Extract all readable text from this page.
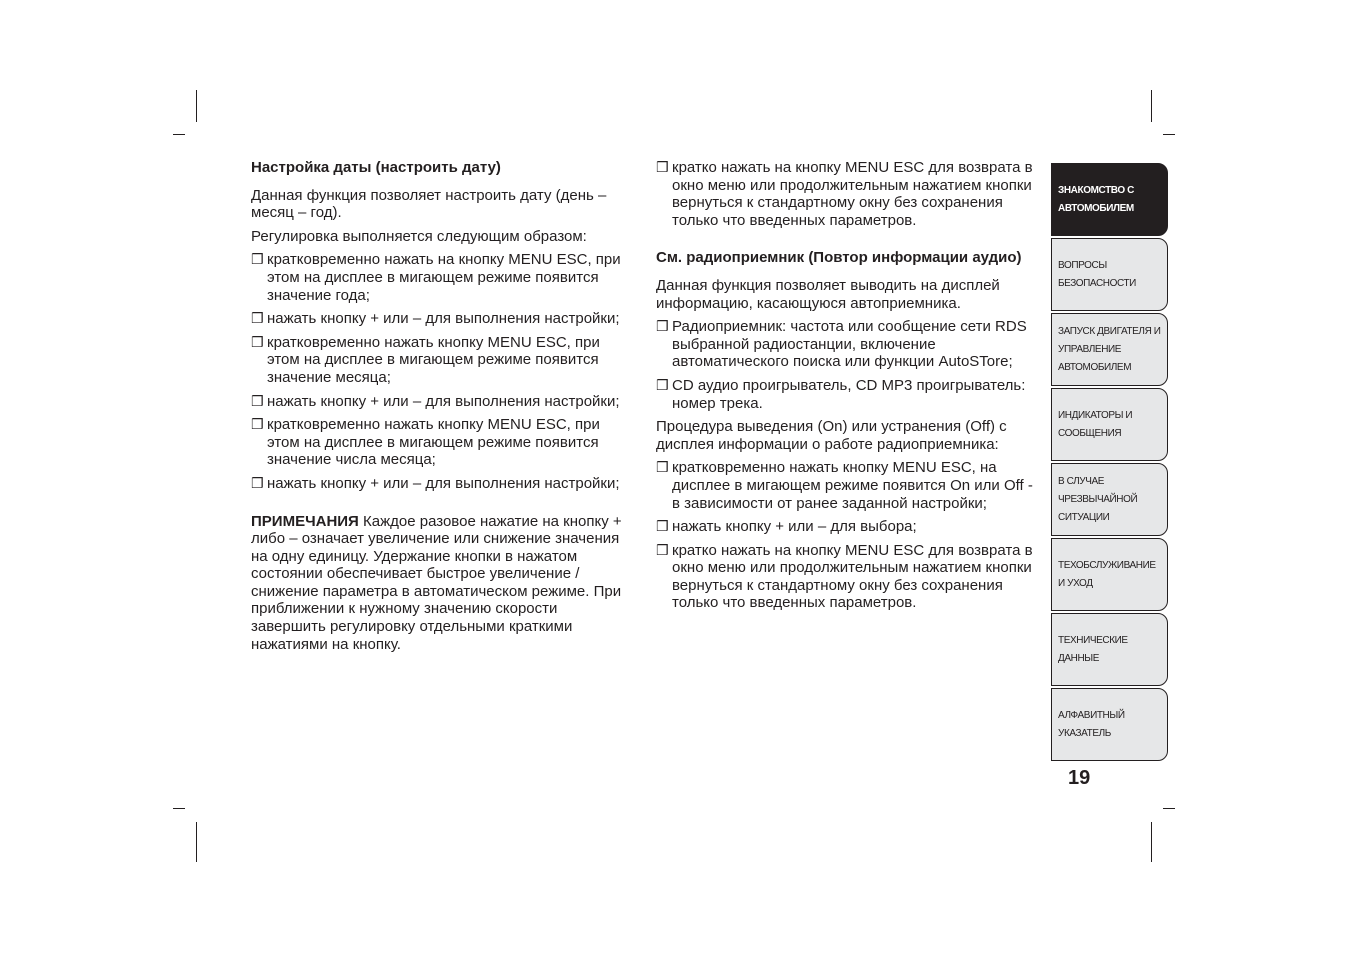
Настройка даты (настроить дату)

Данная функция позволяет настроить дату (день – месяц – год).

Регулировка выполняется следующим образом:

❒ кратковременно нажать на кнопку MENU ESC, при этом на дисплее в мигающем режиме появится значение года;
❒ нажать кнопку + или – для выполнения настройки;
❒ кратковременно нажать кнопку MENU ESC, при этом на дисплее в мигающем режиме появится значение месяца;
❒ нажать кнопку + или – для выполнения настройки;
❒ кратковременно нажать кнопку MENU ESC, при этом на дисплее в мигающем режиме появится значение числа месяца;
❒ нажать кнопку + или – для выполнения настройки;

ПРИМЕЧАНИЯ Каждое разовое нажатие на кнопку + либо – означает увеличение или снижение значения на одну единицу. Удержание кнопки в нажатом состоянии обеспечивает быстрое увеличение / снижение параметра в автоматическом режиме. При приближении к нужному значению скорости завершить регулировку отдельными краткими нажатиями на кнопку.

❒ кратко нажать на кнопку MENU ESC для возврата в окно меню или продолжительным нажатием кнопки вернуться к стандартному окну без сохранения только что введенных параметров.
См. радиоприемник (Повтор информации аудио)

Данная функция позволяет выводить на дисплей информацию, касающуюся автоприемника.

❒ Радиоприемник: частота или сообщение сети RDS выбранной радиостанции, включение автоматического поиска или функции AutoSTore;
❒ CD аудио проигрыватель, CD MP3 проигрыватель: номер трека.

Процедура выведения (On) или устранения (Off) с дисплея информации о работе радиоприемника:

❒ кратковременно нажать кнопку MENU ESC, на дисплее в мигающем режиме появится On или Off - в зависимости от ранее заданной настройки;
❒ нажать кнопку + или – для выбора;
❒ кратко нажать на кнопку MENU ESC для возврата в окно меню или продолжительным нажатием кнопки вернуться к стандартному окну без сохранения только что введенных параметров.
ЗНАКОМСТВО С
АВТОМОБИЛЕМ
ВОПРОСЫ
БЕЗОПАСНОСТИ
ЗАПУСК ДВИГАТЕЛЯ И
УПРАВЛЕНИЕ
АВТОМОБИЛЕМ
ИНДИКАТОРЫ И
СООБЩЕНИЯ
В СЛУЧАЕ
ЧРЕЗВЫЧАЙНОЙ
СИТУАЦИИ
ТЕХОБСЛУЖИВАНИЕ
И УХОД
ТЕХНИЧЕСКИЕ
ДАННЫЕ
АЛФАВИТНЫЙ
УКАЗАТЕЛЬ
19
